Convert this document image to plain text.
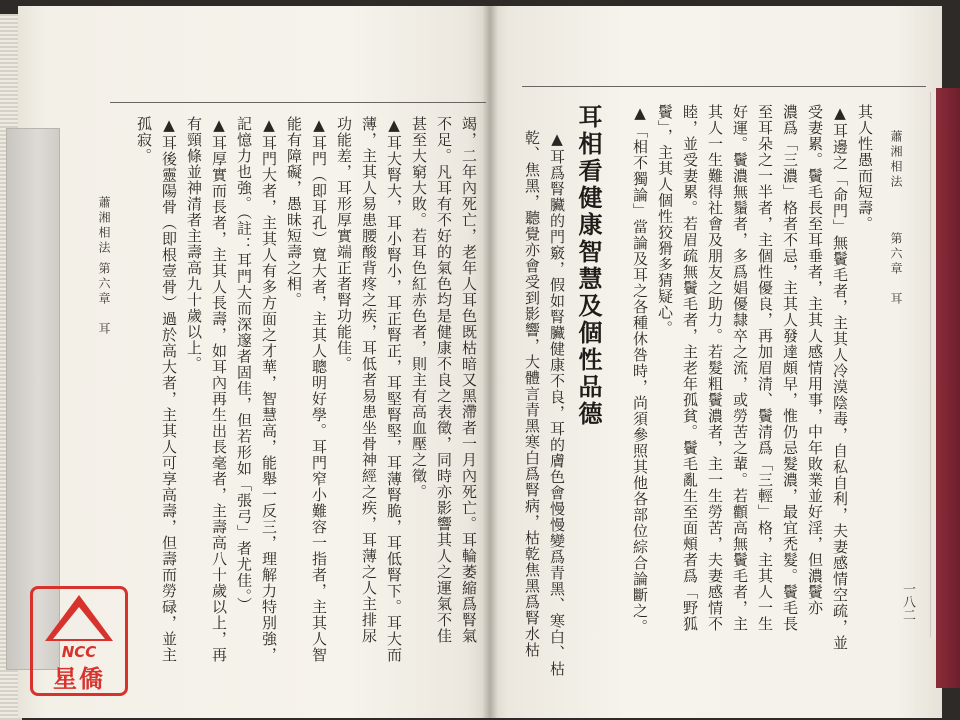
蕭湘相法
第六章　耳	竭，二年內死亡，老年人耳色既枯暗又黑滯者一月內死亡。耳輪萎縮爲腎氣
不足。凡耳有不好的氣色均是健康不良之表徵，同時亦影響其人之運氣不佳
甚至大窮大敗。若耳色紅赤色者，則主有高血壓之徵。
▲耳大腎大，耳小腎小，耳正腎正，耳堅腎堅，耳薄腎脆，耳低腎下。耳大而
薄，主其人易患腰酸背疼之疾，耳低者易患坐骨神經之疾，耳薄之人主排尿
功能差，耳形厚實端正者腎功能佳。
▲耳門（即耳孔）寬大者，主其人聰明好學。耳門窄小難容一指者，主其人智
能有障礙，愚昧短壽之相。
▲耳門大者，主其人有多方面之才華，智慧高，能舉一反三，理解力特別強，
記憶力也強。（註：耳門大而深邃者固佳，但若形如「張弓」者尤佳。）
▲耳厚實而長者，主其人長壽，如耳內再生出長毫者，主壽高八十歲以上，再
有頸條並神清者主壽高九十歲以上。
▲耳後靈陽骨（即根壹骨）過於高大者，主其人可享高壽，但壽而勞碌，並主
孤寂。	蕭湘相法
第六章　耳
一八二
其人性愚而短壽。
▲耳邊之「命門」無鬢毛者，主其人冷漠陰毒，自私自利，夫妻感情空疏，並
受妻累。鬢毛長至耳垂者，主其人感情用事，中年敗業並好淫，但濃鬢亦
濃爲「三濃」格者不忌，主其人發達頗早，惟仍忌髮濃，最宜禿髮。鬢毛長
至耳朵之一半者，主個性優良，再加眉清、鬢清爲「三輕」格，主其人一生
好運。鬢濃無鬚者，多爲娼優隸卒之流，或勞苦之輩。若顴高無鬢毛者，主
其人一生難得社會及朋友之助力。若髮粗鬢濃者，主一生勞苦，夫妻感情不
睦，並受妻累。若眉疏無鬢毛者，主老年孤貧。鬢毛亂生至面頰者爲「野狐
鬢」，主其人個性狡猾多猜疑心。
▲「相不獨論」當論及耳之各種休咎時，尚須參照其他各部位綜合論斷之。
耳相看健康智慧及個性品德
▲耳爲腎臟的門竅，假如腎臟健康不良，耳的膚色會慢慢變爲青黑、寒白、枯
乾、焦黑，聽覺亦會受到影響，大體言青黑寒白爲腎病，枯乾焦黑爲腎水枯
NCC
星僑
